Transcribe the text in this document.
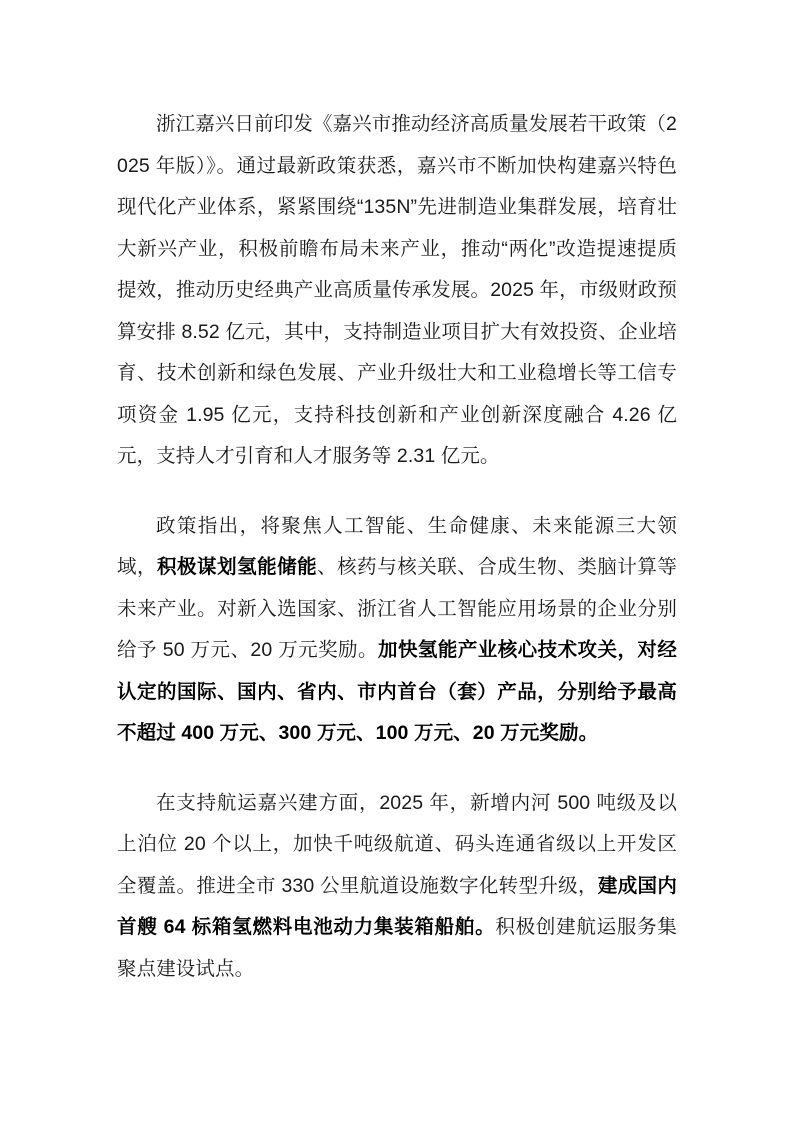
浙江嘉兴日前印发《嘉兴市推动经济高质量发展若干政策（2025 年版）》。通过最新政策获悉，嘉兴市不断加快构建嘉兴特色现代化产业体系，紧紧围绕“135N”先进制造业集群发展，培育壮大新兴产业，积极前瞻布局未来产业，推动“两化”改造提速提质提效，推动历史经典产业高质量传承发展。2025 年，市级财政预算安排 8.52 亿元，其中，支持制造业项目扩大有效投资、企业培育、技术创新和绿色发展、产业升级壮大和工业稳增长等工信专项资金 1.95 亿元，支持科技创新和产业创新深度融合 4.26 亿元，支持人才引育和人才服务等 2.31 亿元。

政策指出，将聚焦人工智能、生命健康、未来能源三大领域，积极谋划氢能储能、核药与核关联、合成生物、类脑计算等未来产业。对新入选国家、浙江省人工智能应用场景的企业分别给予 50 万元、20 万元奖励。加快氢能产业核心技术攻关，对经认定的国际、国内、省内、市内首台（套）产品，分别给予最高不超过 400 万元、300 万元、100 万元、20 万元奖励。

在支持航运嘉兴建方面，2025 年，新增内河 500 吨级及以上泊位 20 个以上，加快千吨级航道、码头连通省级以上开发区全覆盖。推进全市 330 公里航道设施数字化转型升级，建成国内首艘 64 标箱氢燃料电池动力集装箱船舶。积极创建航运服务集聚点建设试点。
